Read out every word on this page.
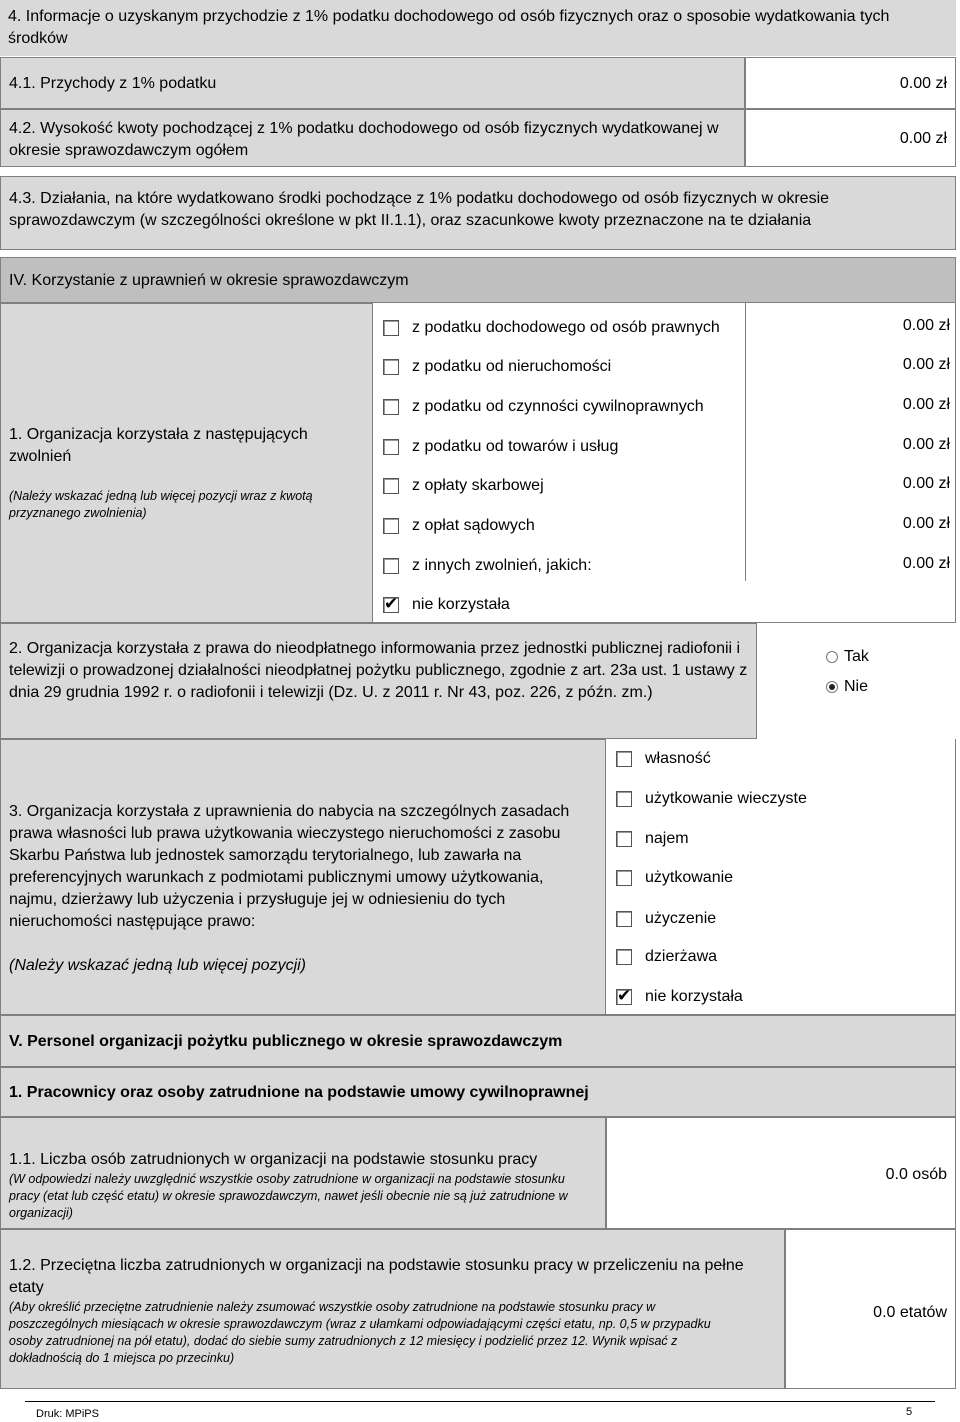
4. Informacje o uzyskanym przychodzie z 1% podatku dochodowego od osób fizycznych oraz o sposobie wydatkowania tych środków
4.1. Przychody z 1% podatku	0.00 zł
4.2. Wysokość kwoty pochodzącej z 1% podatku dochodowego od osób fizycznych wydatkowanej w okresie sprawozdawczym ogółem
0.00 zł
4.3. Działania, na które wydatkowano środki pochodzące z 1% podatku dochodowego od osób fizycznych w okresie sprawozdawczym (w szczególności określone w pkt II.1.1), oraz szacunkowe kwoty przeznaczone na te działania
IV. Korzystanie z uprawnień w okresie sprawozdawczym
1. Organizacja korzystała z następujących zwolnień
(Należy wskazać jedną lub więcej pozycji wraz z kwotą przyznanego zwolnienia)
z podatku dochodowego od osób prawnych	0.00 zł
z podatku od nieruchomości	0.00 zł
z podatku od czynności cywilnoprawnych	0.00 zł
z podatku od towarów i usług	0.00 zł
z opłaty skarbowej	0.00 zł
z opłat sądowych	0.00 zł
z innych zwolnień, jakich:	0.00 zł
✔ nie korzystała
2. Organizacja korzystała z prawa do nieodpłatnego informowania przez jednostki publicznej radiofonii i telewizji o prowadzonej działalności nieodpłatnej pożytku publicznego, zgodnie z art. 23a ust. 1 ustawy z dnia 29 grudnia 1992 r. o radiofonii i telewizji (Dz. U. z 2011 r. Nr 43, poz. 226, z późn. zm.)
Tak
Nie
3. Organizacja korzystała z uprawnienia do nabycia na szczególnych zasadach prawa własności lub prawa użytkowania wieczystego nieruchomości z zasobu Skarbu Państwa lub jednostek samorządu terytorialnego, lub zawarła na preferencyjnych warunkach z podmiotami publicznymi umowy użytkowania, najmu, dzierżawy lub użyczenia i przysługuje jej w odniesieniu do tych nieruchomości następujące prawo:
(Należy wskazać jedną lub więcej pozycji)
własność
użytkowanie wieczyste
najem
użytkowanie
użyczenie
dzierżawa
✔ nie korzystała
V. Personel organizacji pożytku publicznego w okresie sprawozdawczym
1. Pracownicy oraz osoby zatrudnione na podstawie umowy cywilnoprawnej
1.1. Liczba osób zatrudnionych w organizacji na podstawie stosunku pracy
(W odpowiedzi należy uwzględnić wszystkie osoby zatrudnione w organizacji na podstawie stosunku pracy (etat lub część etatu) w okresie sprawozdawczym, nawet jeśli obecnie nie są już zatrudnione w organizacji)
0.0 osób
1.2. Przeciętna liczba zatrudnionych w organizacji na podstawie stosunku pracy w przeliczeniu na pełne etaty
(Aby określić przeciętne zatrudnienie należy zsumować wszystkie osoby zatrudnione na podstawie stosunku pracy w poszczególnych miesiącach w okresie sprawozdawczym (wraz z ułamkami odpowiadającymi części etatu, np. 0,5 w przypadku osoby zatrudnionej na pół etatu), dodać do siebie sumy zatrudnionych z 12 miesięcy i podzielić przez 12. Wynik wpisać z dokładnością do 1 miejsca po przecinku)
0.0 etatów
Druk: MPiPS	5
